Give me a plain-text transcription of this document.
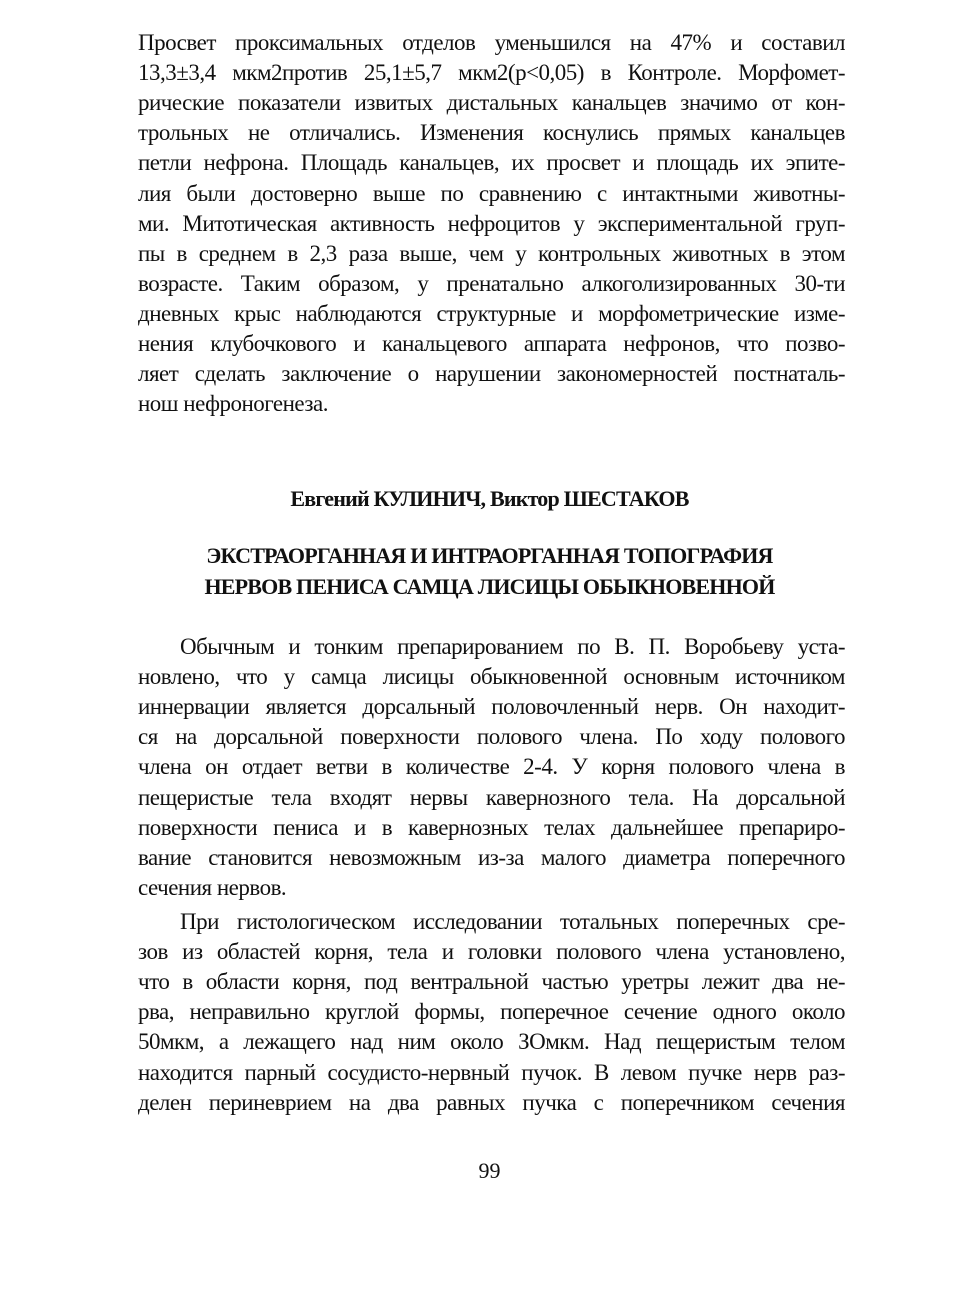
Просвет проксимальных отделов уменьшился на 47% и составил
13,3±3,4 мкм2против 25,1±5,7 мкм2(р<0,05) в Контроле. Морфомет-
рические показатели извитых дистальных канальцев значимо от кон-
трольных не отличались. Изменения коснулись прямых канальцев
петли нефрона. Площадь канальцев, их просвет и площадь их эпите-
лия были достоверно выше по сравнению с интактными животны-
ми. Митотическая активность нефроцитов у экспериментальной груп-
пы в среднем в 2,3 раза выше, чем у контрольных животных в этом
возрасте. Таким образом, у пренатально алкоголизированных 30-ти
дневных крыс наблюдаются структурные и морфометрические изме-
нения клубочкового и канальцевого аппарата нефронов, что позво-
ляет сделать заключение о нарушении закономерностей постнаталь-
нош нефроногенеза.
Евгений КУЛИНИЧ, Виктор ШЕСТАКОВ
ЭКСТРАОРГАННАЯ И ИНТРАОРГАННАЯ ТОПОГРАФИЯ
НЕРВОВ ПЕНИСА САМЦА ЛИСИЦЫ ОБЫКНОВЕННОЙ
Обычным и тонким препарированием по В. П. Воробьеву уста-
новлено, что у самца лисицы обыкновенной основным источником
иннервации является дорсальный половочленный нерв. Он находит-
ся на дорсальной поверхности полового члена. По ходу полового
члена он отдает ветви в количестве 2-4. У корня полового члена в
пещеристые тела входят нервы кавернозного тела. На дорсальной
поверхности пениса и в кавернозных телах дальнейшее препариро-
вание становится невозможным из-за малого диаметра поперечного
сечения нервов.
При гистологическом исследовании тотальных поперечных сре-
зов из областей корня, тела и головки полового члена установлено,
что в области корня, под вентральной частью уретры лежит два не-
рва, неправильно круглой формы, поперечное сечение одного около
50мкм, а лежащего над ним около ЗОмкм. Над пещеристым телом
находится парный сосудисто-нервный пучок. В левом пучке нерв раз-
делен периневрием на два равных пучка с поперечником сечения
99
